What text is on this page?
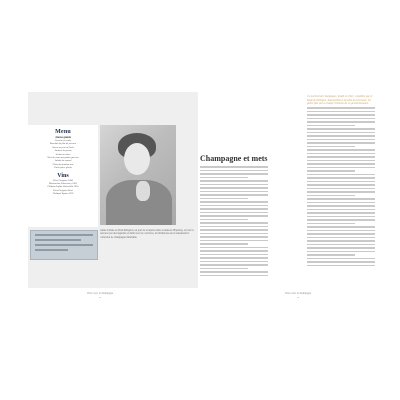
Menu
Amuse-gueule
Gravlax et coulis
Bouchée de filet de poisson
Sauce au porc et Perle
Jambon de parme
Sorbet au rhum
Noix de veau aux petites gousses
Salade de canard
Chocolat fondant aux
Petits fours glacés
Vins
Dom Pérignon 1964
Montrachet Laboratory 1961
Château Lafitte Rothschild 1955
Dom Pérignon Rosé
Château Yquem 1929
Annie Liliane au Dom Pérignon, un jour de réception dans sa maison d'Epernay, où l'on la retrouve par des légendes et mêlé avec les convives, les bûcherons en reconnaissant la collection de champagne millésime.
Vivre avec la champagne
⌄
Ce portrait de champagne, fondé en 1921, complète par le Majesti d'Empire. Aujourd'hui à la table de Lévesque. La petite fille qui a changé l'histoire de ce grand domaine.
Champagne et mets
Vivre avec le champagne
⌄
